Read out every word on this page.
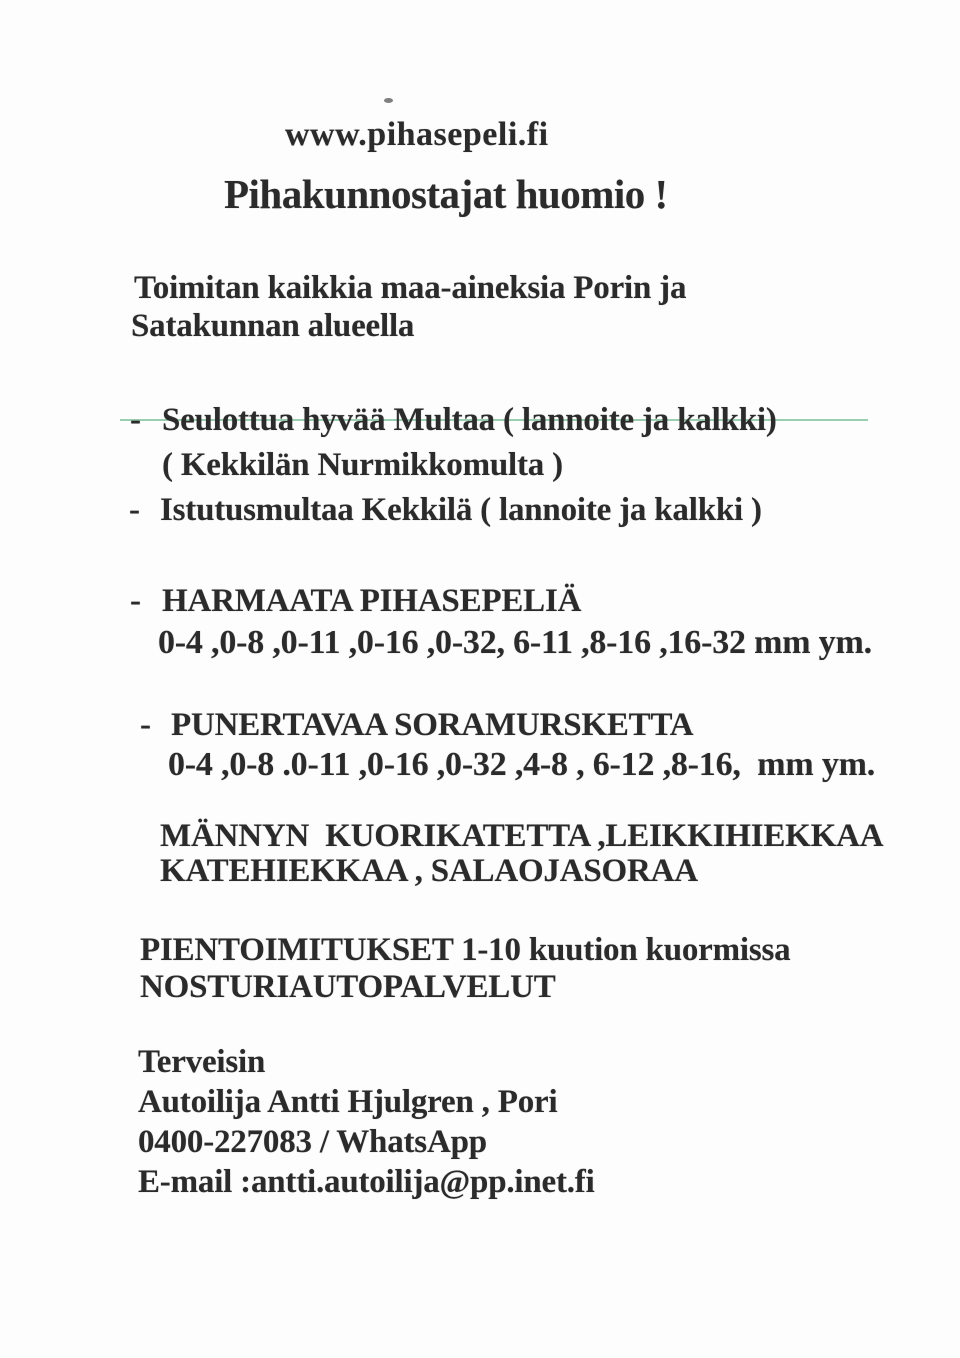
www.pihasepeli.fi
Pihakunnostajat huomio !
Toimitan kaikkia maa-aineksia Porin ja
Satakunnan alueella
- Seulottua hyvää Multaa ( lannoite ja kalkki)
( Kekkilän Nurmikkomulta )
- Istutusmultaa Kekkilä ( lannoite ja kalkki )
- HARMAATA PIHASEPELIÄ
0-4 ,0-8 ,0-11 ,0-16 ,0-32, 6-11 ,8-16 ,16-32 mm ym.
- PUNERTAVAA SORAMURSKETTA
0-4 ,0-8 .0-11 ,0-16 ,0-32 ,4-8 , 6-12 ,8-16,  mm ym.
MÄNNYN  KUORIKATETTA ,LEIKKIHIEKKAA
KATEHIEKKAA , SALAOJASORAA
PIENTOIMITUKSET 1-10 kuution kuormissa
NOSTURIAUTOPALVELUT
Terveisin
Autoilija Antti Hjulgren , Pori
0400-227083 / WhatsApp
E-mail :antti.autoilija@pp.inet.fi
